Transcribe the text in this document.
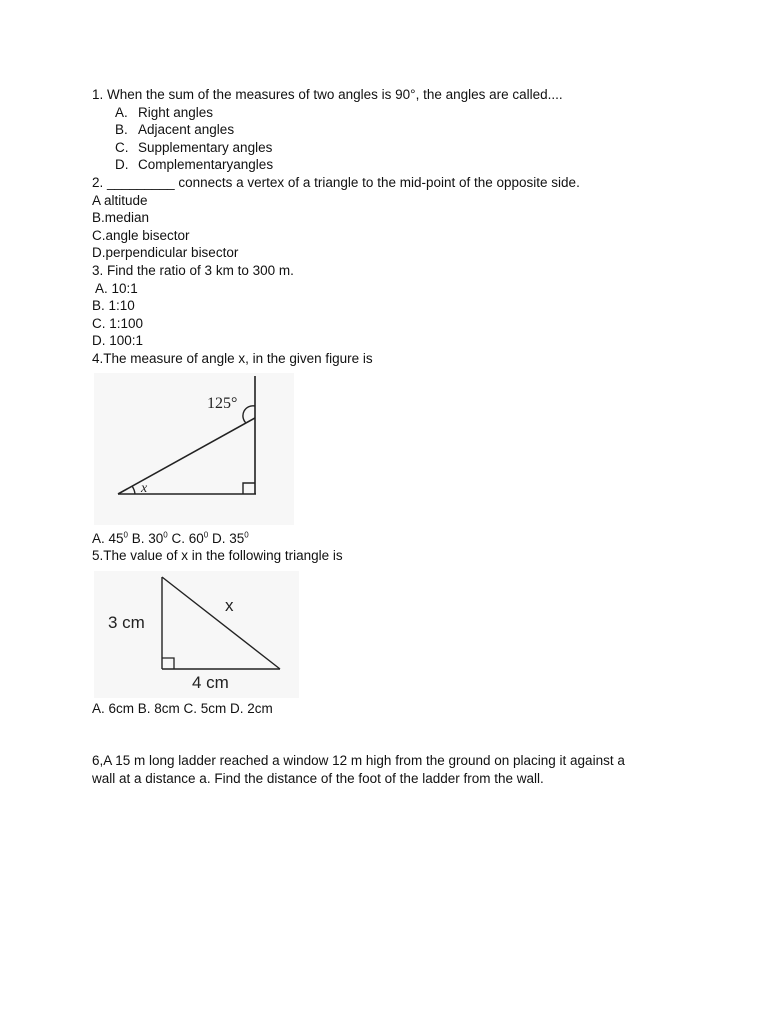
1. When the sum of the measures of two angles is 90°, the angles are called....
A. Right angles
B. Adjacent angles
C. Supplementary angles
D. Complementaryangles
2. _________ connects a vertex of a triangle to the mid-point of the opposite side.
A altitude
B.median
C.angle bisector
D.perpendicular bisector
3. Find the ratio of 3 km to 300 m.
A. 10:1
B. 1:10
C. 1:100
D. 100:1
4.The measure of angle x, in the given figure is
125°
x
A. $45^0$ B. $30^0$ C. $60^0$ D. $35^0$
5.The value of x in the following triangle is
3 cm
4 cm
x
A. 6cm B. 8cm C. 5cm D. 2cm
6,A 15 m long ladder reached a window 12 m high from the ground on placing it against a
wall at a distance a. Find the distance of the foot of the ladder from the wall.
